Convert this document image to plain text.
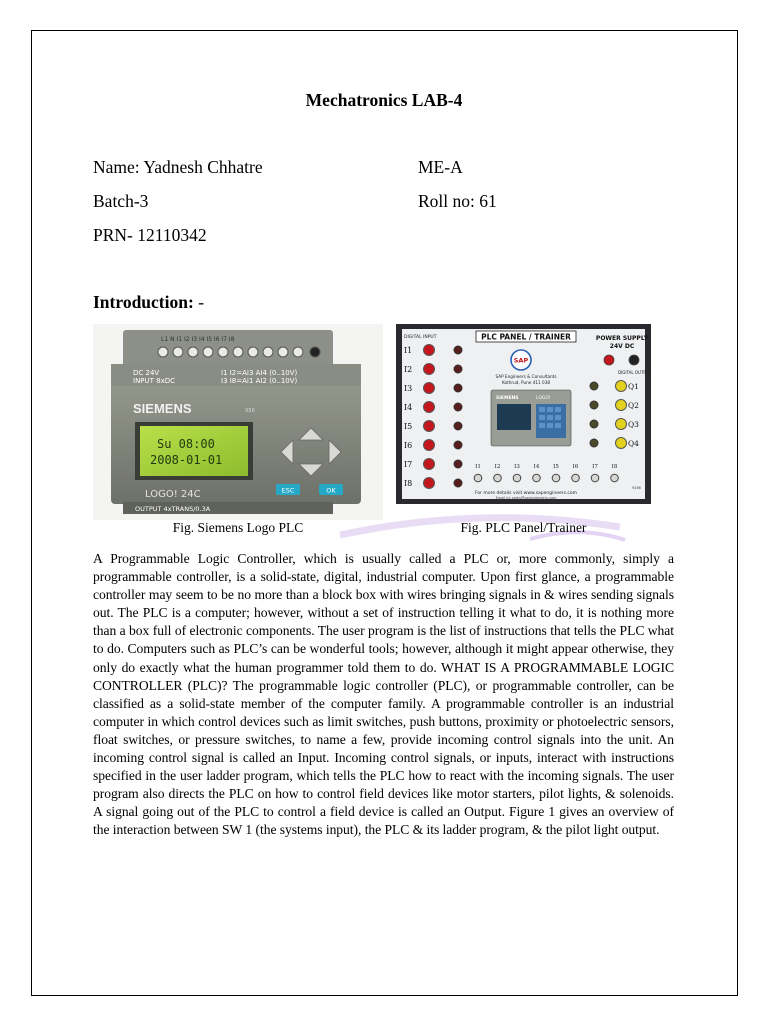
Mechatronics LAB-4
Name: Yadnesh Chhatre	ME-A
Batch-3	Roll no: 61
PRN- 12110342
Introduction: -
L1 N I1 I2 I3 I4 I5 I6 I7 I8
DC 24V
INPUT 8xDC
I1 I2=AI3 AI4 (0..10V)
I3 I8=AI1 AI2 (0..10V)
SIEMENS	X50
Su 08:00
2008-01-01
ESC	OK
LOGO! 24C
OUTPUT 4xTRANS/0.3A
DIGITAL INPUT	PLC PANEL / TRAINER	POWER SUPPLY
24V DC
DIGITAL OUTPUT
SAP
SAP Engineers & Consultants
Kothrud, Pune 411 038
SIEMENS	LOGO!
I1
I2
I3
I4
I5
I6
I7
I8
Q1
Q2
Q3
Q4
I1	I2	I3	I4	I5	I6	I7	I8
For more details visit www.sapengineers.com
Email id: sales@sapengineers.com
9266
Fig. Siemens Logo PLC	Fig. PLC Panel/Trainer
A Programmable Logic Controller, which is usually called a PLC or, more commonly, simply a programmable controller, is a solid-state, digital, industrial computer. Upon first glance, a programmable controller may seem to be no more than a block box with wires bringing signals in & wires sending signals out. The PLC is a computer; however, without a set of instruction telling it what to do, it is nothing more than a box full of electronic components. The user program is the list of instructions that tells the PLC what to do. Computers such as PLC’s can be wonderful tools; however, although it might appear otherwise, they only do exactly what the human programmer told them to do. WHAT IS A PROGRAMMABLE LOGIC CONTROLLER (PLC)? The programmable logic controller (PLC), or programmable controller, can be classified as a solid-state member of the computer family. A programmable controller is an industrial computer in which control devices such as limit switches, push buttons, proximity or photoelectric sensors, float switches, or pressure switches, to name a few, provide incoming control signals into the unit. An incoming control signal is called an Input. Incoming control signals, or inputs, interact with instructions specified in the user ladder program, which tells the PLC how to react with the incoming signals. The user program also directs the PLC on how to control field devices like motor starters, pilot lights, & solenoids. A signal going out of the PLC to control a field device is called an Output. Figure 1 gives an overview of the interaction between SW 1 (the systems input), the PLC & its ladder program, & the pilot light output.
